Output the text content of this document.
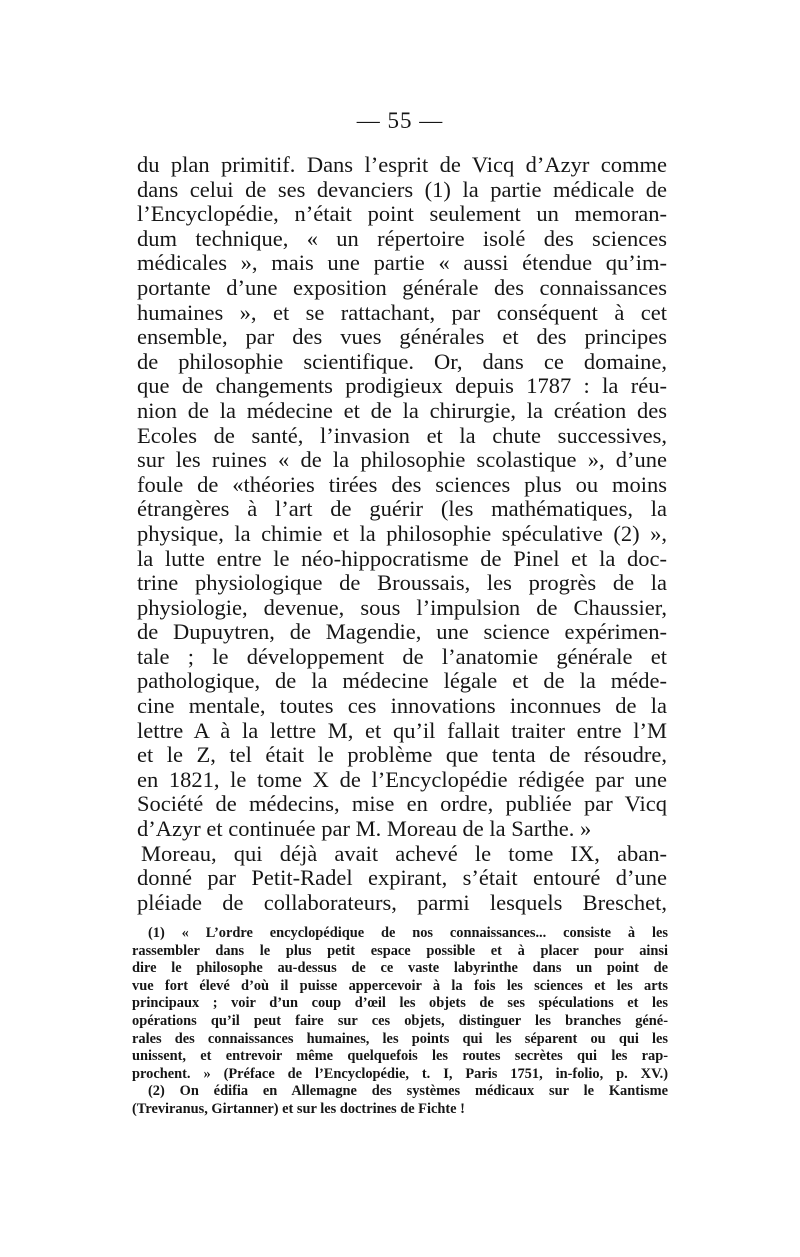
— 55 —
du plan primitif. Dans l’esprit de Vicq d’Azyr comme
dans celui de ses devanciers (1) la partie médicale de
l’Encyclopédie, n’était point seulement un memoran-
dum technique, « un répertoire isolé des sciences
médicales », mais une partie « aussi étendue qu’im-
portante d’une exposition générale des connaissances
humaines », et se rattachant, par conséquent à cet
ensemble, par des vues générales et des principes
de philosophie scientifique. Or, dans ce domaine,
que de changements prodigieux depuis 1787 : la réu-
nion de la médecine et de la chirurgie, la création des
Ecoles de santé, l’invasion et la chute successives,
sur les ruines « de la philosophie scolastique », d’une
foule de «théories tirées des sciences plus ou moins
étrangères à l’art de guérir (les mathématiques, la
physique, la chimie et la philosophie spéculative (2) »,
la lutte entre le néo-hippocratisme de Pinel et la doc-
trine physiologique de Broussais, les progrès de la
physiologie, devenue, sous l’impulsion de Chaussier,
de Dupuytren, de Magendie, une science expérimen-
tale ; le développement de l’anatomie générale et
pathologique, de la médecine légale et de la méde-
cine mentale, toutes ces innovations inconnues de la
lettre A à la lettre M, et qu’il fallait traiter entre l’M
et le Z, tel était le problème que tenta de résoudre,
en 1821, le tome X de l’Encyclopédie rédigée par une
Société de médecins, mise en ordre, publiée par Vicq
d’Azyr et continuée par M. Moreau de la Sarthe. »
Moreau, qui déjà avait achevé le tome IX, aban-
donné par Petit-Radel expirant, s’était entouré d’une
pléiade de collaborateurs, parmi lesquels Breschet,
(1) « L’ordre encyclopédique de nos connaissances... consiste à les
rassembler dans le plus petit espace possible et à placer pour ainsi
dire le philosophe au-dessus de ce vaste labyrinthe dans un point de
vue fort élevé d’où il puisse appercevoir à la fois les sciences et les arts
principaux ; voir d’un coup d’œil les objets de ses spéculations et les
opérations qu’il peut faire sur ces objets, distinguer les branches géné-
rales des connaissances humaines, les points qui les séparent ou qui les
unissent, et entrevoir même quelquefois les routes secrètes qui les rap-
prochent. » (Préface de l’Encyclopédie, t. I, Paris 1751, in-folio, p. XV.)
(2) On édifia en Allemagne des systèmes médicaux sur le Kantisme
(Treviranus, Girtanner) et sur les doctrines de Fichte !
